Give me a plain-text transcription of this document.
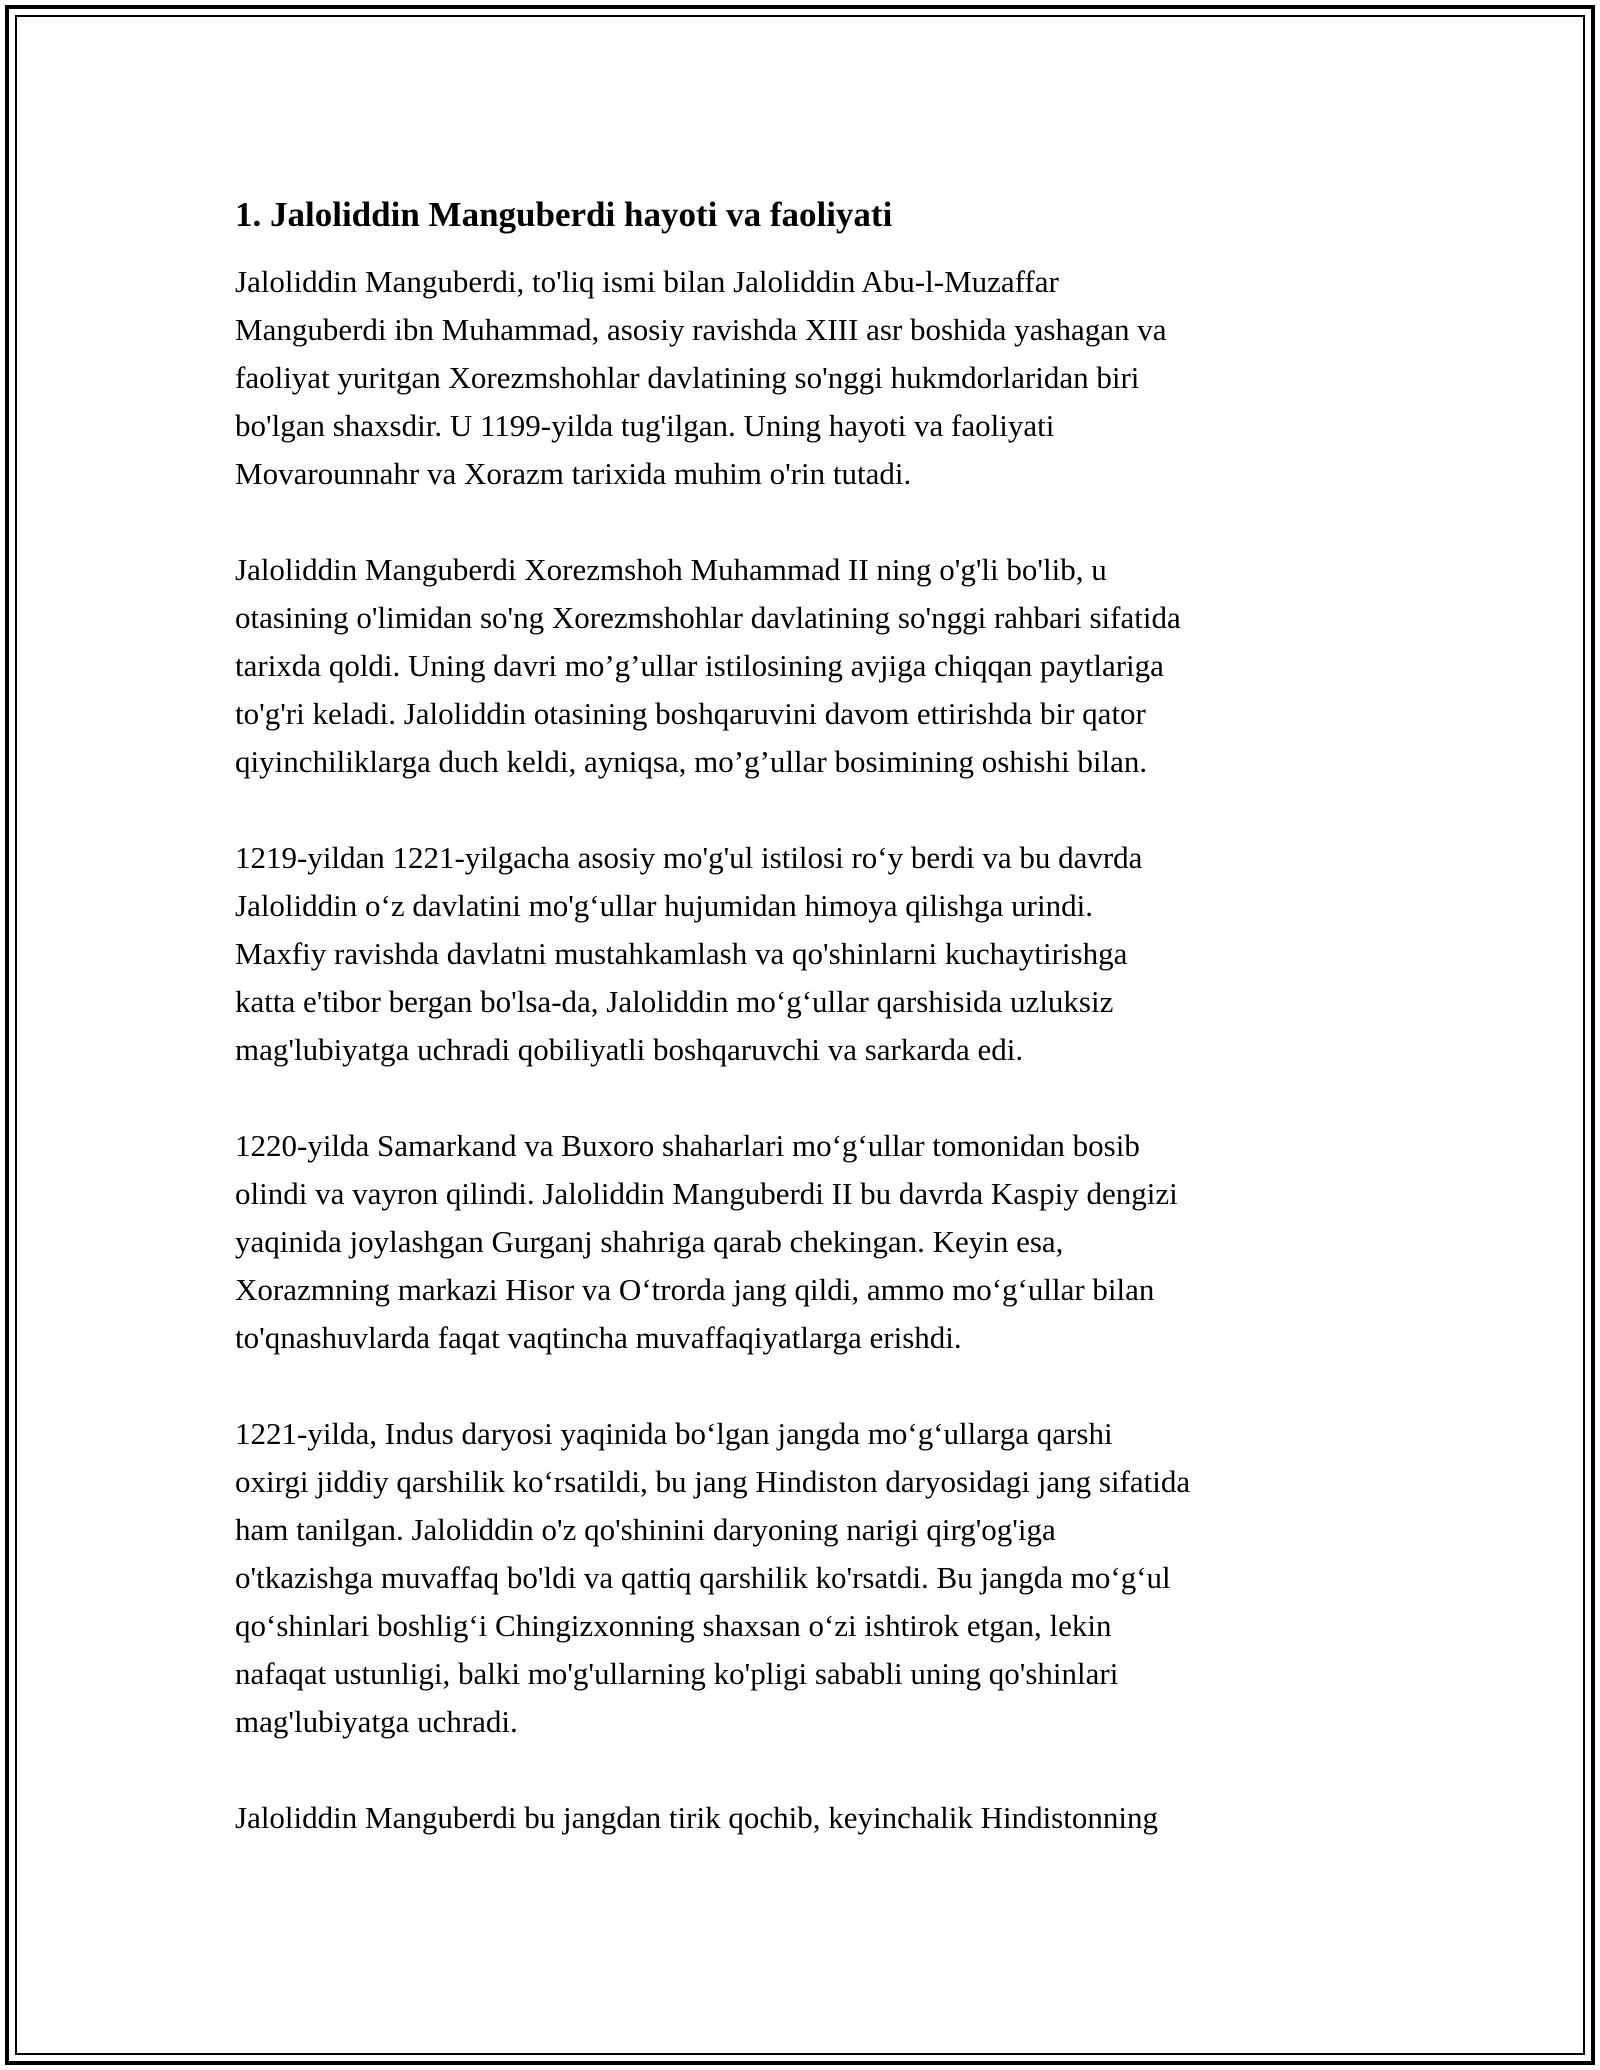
1. Jaloliddin Manguberdi hayoti va faoliyati

Jaloliddin Manguberdi, to'liq ismi bilan Jaloliddin Abu-l-Muzaffar
Manguberdi ibn Muhammad, asosiy ravishda XIII asr boshida yashagan va
faoliyat yuritgan Xorezmshohlar davlatining so'nggi hukmdorlaridan biri
bo'lgan shaxsdir. U 1199-yilda tug'ilgan. Uning hayoti va faoliyati
Movarounnahr va Xorazm tarixida muhim o'rin tutadi.

Jaloliddin Manguberdi Xorezmshoh Muhammad II ning o'g'li bo'lib, u
otasining o'limidan so'ng Xorezmshohlar davlatining so'nggi rahbari sifatida
tarixda qoldi. Uning davri mo’g’ullar istilosining avjiga chiqqan paytlariga
to'g'ri keladi. Jaloliddin otasining boshqaruvini davom ettirishda bir qator
qiyinchiliklarga duch keldi, ayniqsa, mo’g’ullar bosimining oshishi bilan.

1219-yildan 1221-yilgacha asosiy mo'g'ul istilosi ro‘y berdi va bu davrda
Jaloliddin o‘z davlatini mo'g‘ullar hujumidan himoya qilishga urindi.
Maxfiy ravishda davlatni mustahkamlash va qo'shinlarni kuchaytirishga
katta e'tibor bergan bo'lsa-da, Jaloliddin mo‘g‘ullar qarshisida uzluksiz
mag'lubiyatga uchradi qobiliyatli boshqaruvchi va sarkarda edi.

1220-yilda Samarkand va Buxoro shaharlari mo‘g‘ullar tomonidan bosib
olindi va vayron qilindi. Jaloliddin Manguberdi II bu davrda Kaspiy dengizi
yaqinida joylashgan Gurganj shahriga qarab chekingan. Keyin esa,
Xorazmning markazi Hisor va O‘trorda jang qildi, ammo mo‘g‘ullar bilan
to'qnashuvlarda faqat vaqtincha muvaffaqiyatlarga erishdi.

1221-yilda, Indus daryosi yaqinida bo‘lgan jangda mo‘g‘ullarga qarshi
oxirgi jiddiy qarshilik ko‘rsatildi, bu jang Hindiston daryosidagi jang sifatida
ham tanilgan. Jaloliddin o'z qo'shinini daryoning narigi qirg'og'iga
o'tkazishga muvaffaq bo'ldi va qattiq qarshilik ko'rsatdi. Bu jangda mo‘g‘ul
qo‘shinlari boshlig‘i Chingizxonning shaxsan o‘zi ishtirok etgan, lekin
nafaqat ustunligi, balki mo'g'ullarning ko'pligi sababli uning qo'shinlari
mag'lubiyatga uchradi.

Jaloliddin Manguberdi bu jangdan tirik qochib, keyinchalik Hindistonning
